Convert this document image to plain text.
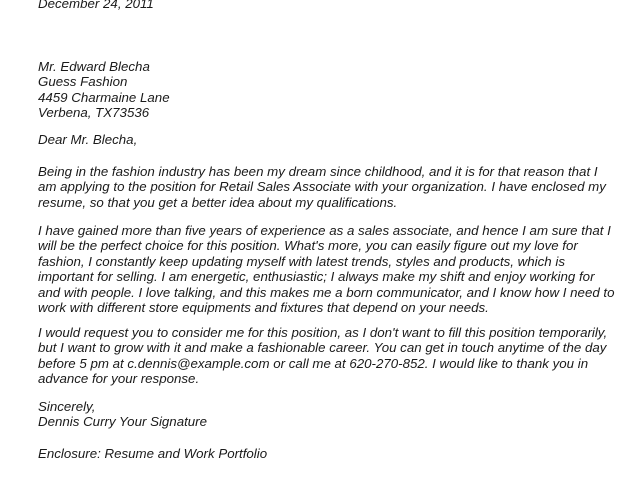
December 24, 2011
Mr. Edward Blecha
Guess Fashion
4459 Charmaine Lane
Verbena, TX73536
Dear Mr. Blecha,
Being in the fashion industry has been my dream since childhood, and it is for that reason that I
am applying to the position for Retail Sales Associate with your organization. I have enclosed my
resume, so that you get a better idea about my qualifications.
I have gained more than five years of experience as a sales associate, and hence I am sure that I
will be the perfect choice for this position. What's more, you can easily figure out my love for
fashion, I constantly keep updating myself with latest trends, styles and products, which is
important for selling. I am energetic, enthusiastic; I always make my shift and enjoy working for
and with people. I love talking, and this makes me a born communicator, and I know how I need to
work with different store equipments and fixtures that depend on your needs.
I would request you to consider me for this position, as I don't want to fill this position temporarily,
but I want to grow with it and make a fashionable career. You can get in touch anytime of the day
before 5 pm at c.dennis@example.com or call me at 620-270-852. I would like to thank you in
advance for your response.
Sincerely,
Dennis Curry Your Signature
Enclosure: Resume and Work Portfolio
